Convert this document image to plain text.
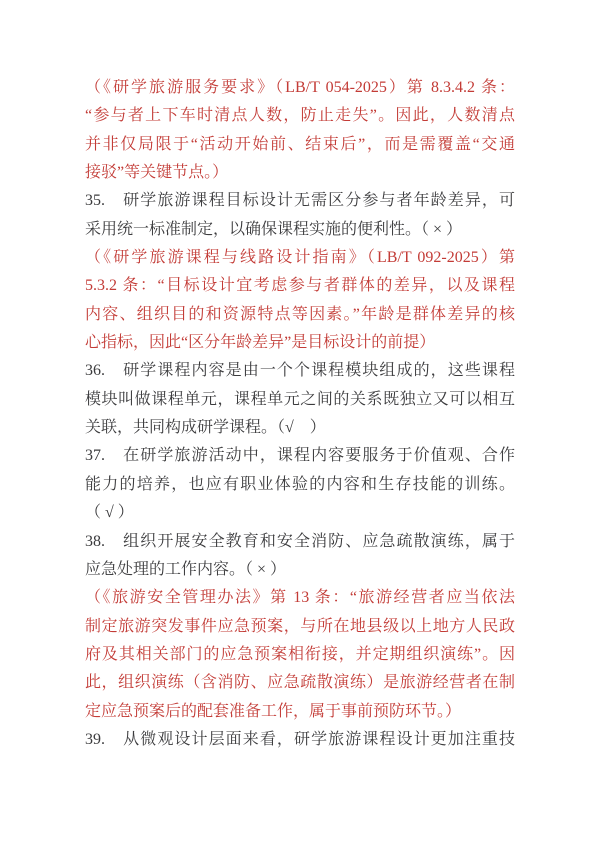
（《研学旅游服务要求》（LB/T 054-2025）第 8.3.4.2 条：
“参与者上下车时清点人数，防止走失”。因此，人数清点
并非仅局限于“活动开始前、结束后”，而是需覆盖“交通
接驳”等关键节点。）
35.　研学旅游课程目标设计无需区分参与者年龄差异，可
采用统一标准制定，以确保课程实施的便利性。（ × ）
（《研学旅游课程与线路设计指南》（LB/T 092-2025）第
5.3.2 条：“目标设计宜考虑参与者群体的差异，以及课程
内容、组织目的和资源特点等因素。”年龄是群体差异的核
心指标，因此“区分年龄差异”是目标设计的前提）
36.　研学课程内容是由一个个课程模块组成的，这些课程
模块叫做课程单元，课程单元之间的关系既独立又可以相互
关联，共同构成研学课程。（√　）
37.　在研学旅游活动中，课程内容要服务于价值观、合作
能力的培养，也应有职业体验的内容和生存技能的训练。
（ √ ）
38.　组织开展安全教育和安全消防、应急疏散演练，属于
应急处理的工作内容。（ × ）
（《旅游安全管理办法》第 13 条：“旅游经营者应当依法
制定旅游突发事件应急预案，与所在地县级以上地方人民政
府及其相关部门的应急预案相衔接，并定期组织演练”。因
此，组织演练（含消防、应急疏散演练）是旅游经营者在制
定应急预案后的配套准备工作，属于事前预防环节。）
39.　从微观设计层面来看，研学旅游课程设计更加注重技
